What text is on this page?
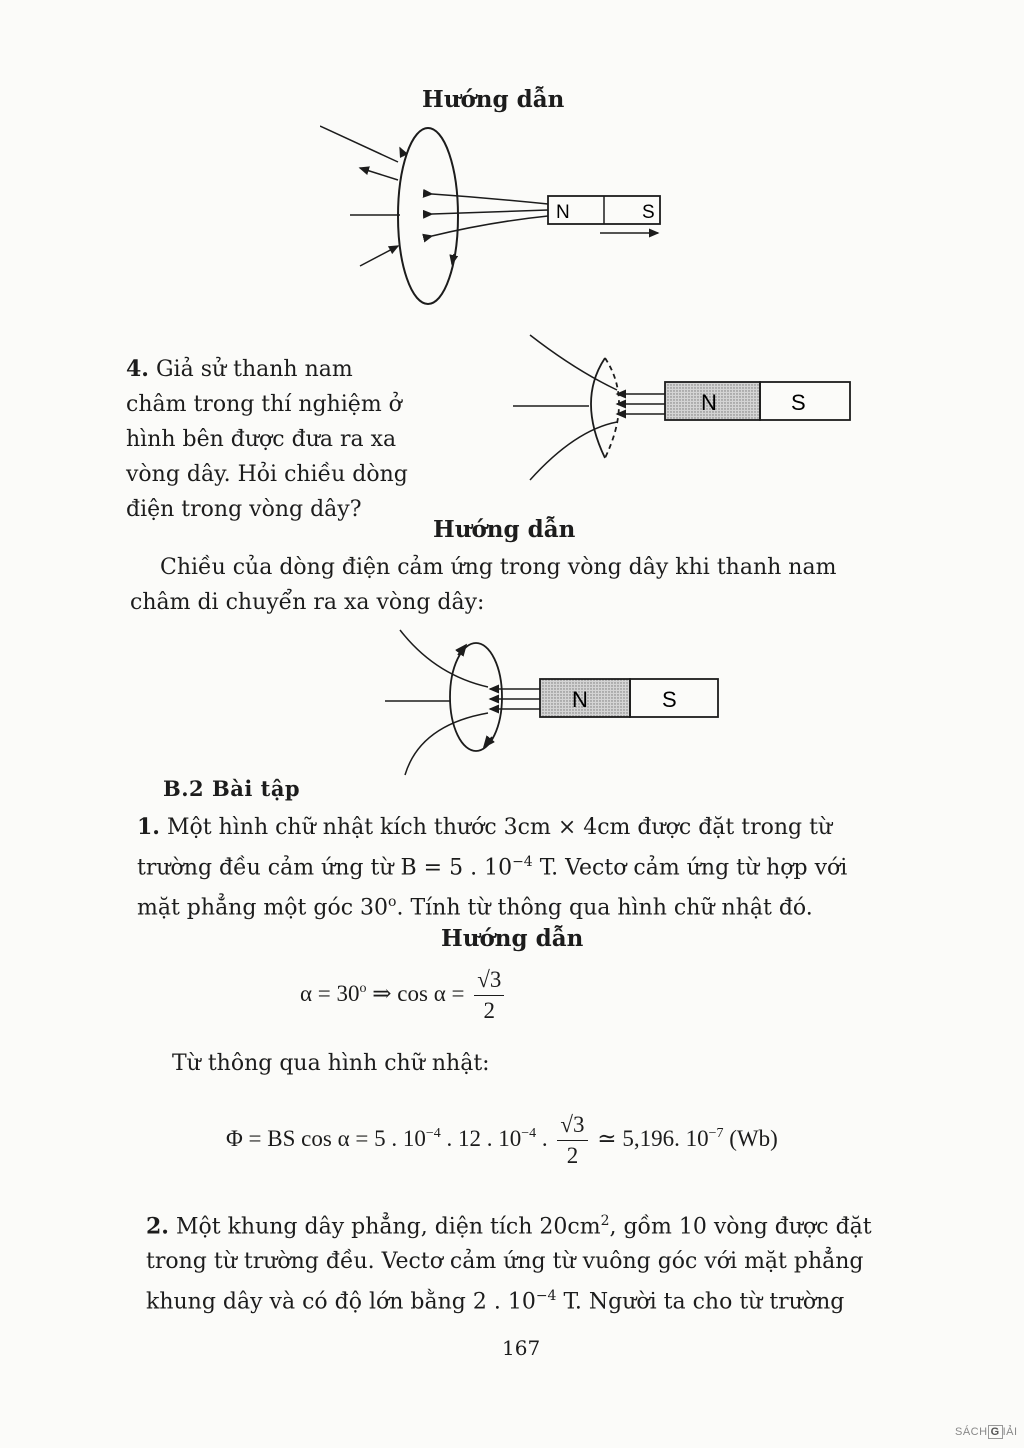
Hướng dẫn
N	S
4. Giả sử thanh nam
châm trong thí nghiệm ở
hình bên được đưa ra xa
vòng dây. Hỏi chiều dòng
điện trong vòng dây?
N	S
Hướng dẫn
Chiều của dòng điện cảm ứng trong vòng dây khi thanh nam
châm di chuyển ra xa vòng dây:
N	S
B.2 Bài tập
1. Một hình chữ nhật kích thước 3cm × 4cm được đặt trong từ
trường đều cảm ứng từ B = 5 . $10^{-4}$ T. Vectơ cảm ứng từ hợp với
mặt phẳng một góc 30$^o$. Tính từ thông qua hình chữ nhật đó.
Hướng dẫn
$\alpha = 30^o$ ⇒ $\cos \alpha = \frac{√3}{2}$
Từ thông qua hình chữ nhật:
Φ = BS cos α = 5 . $10^{-4}$ . 12 . $10^{-4}$ . $\frac{√3}{2}$ ≃ 5,196. $10^{-7}$ (Wb)
2. Một khung dây phẳng, diện tích $20cm^2$, gồm 10 vòng được đặt
trong từ trường đều. Vectơ cảm ứng từ vuông góc với mặt phẳng
khung dây và có độ lớn bằng 2 . $10^{-4}$ T. Người ta cho từ trường
167
SÁCH G IẢI
